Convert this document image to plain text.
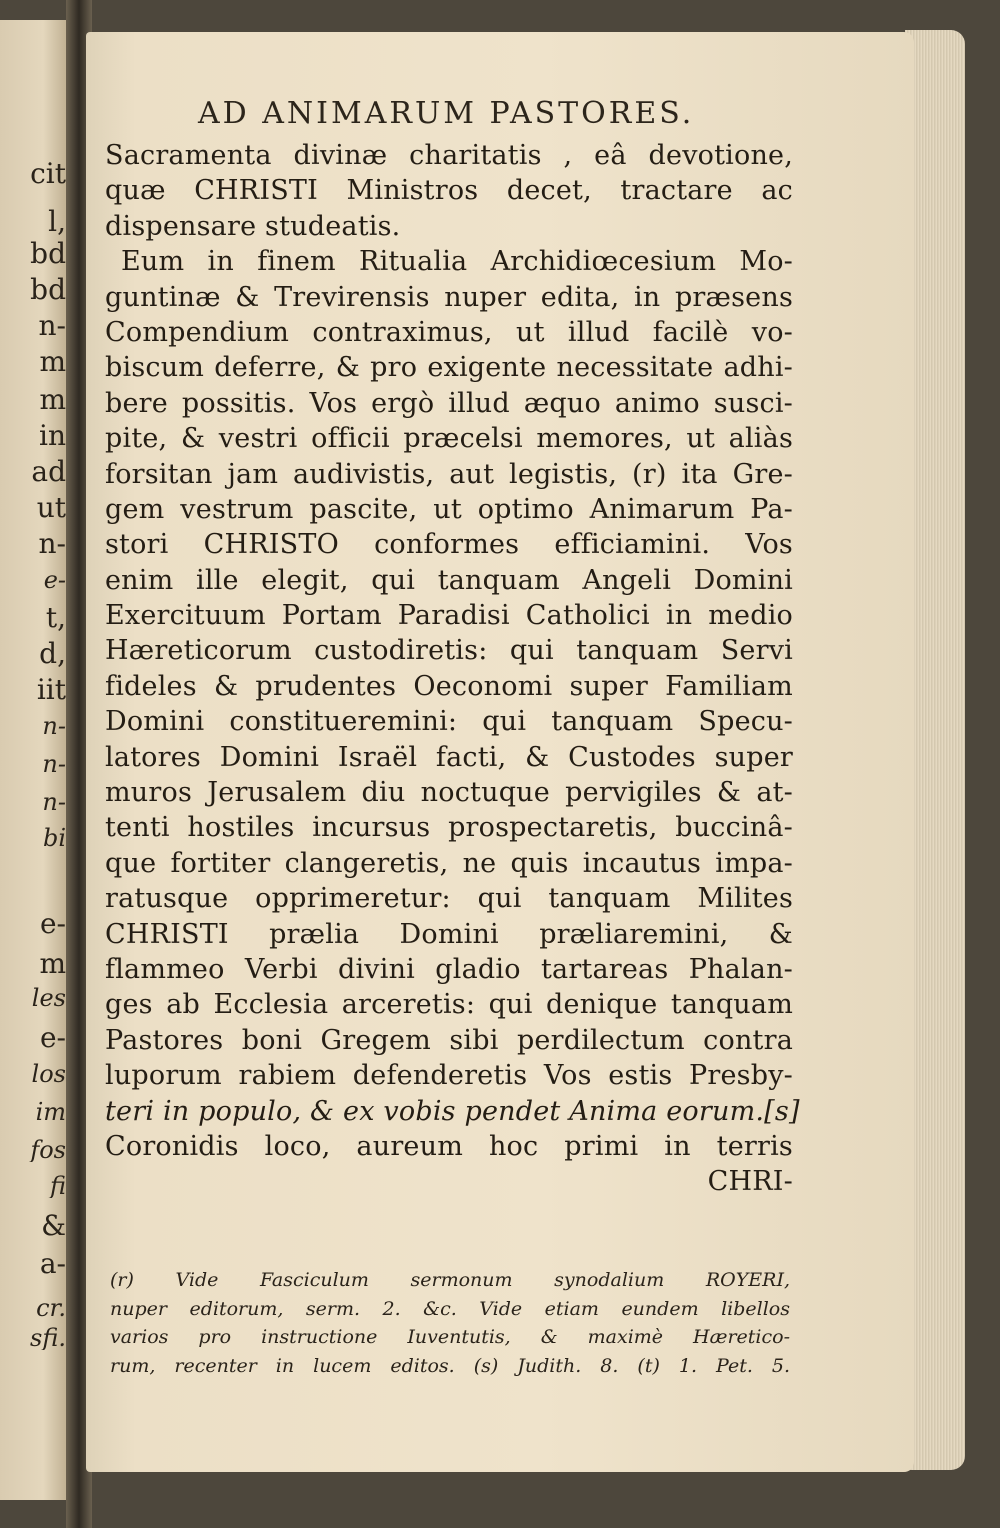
cit
l,
bd
bd
n-
m
m
in
ad
ut
n-
e-
t,
d,
iit
n-
n-
n-
bi
e-
m
les
e-
los
im
fos
fi
&
a-
cr.
sfi.
AD ANIMARUM PASTORES.
Sacramenta divinæ charitatis , eâ devotione,
quæ CHRISTI Ministros decet, tractare ac
dispensare studeatis.
Eum in finem Ritualia Archidiœcesium Mo-
guntinæ & Trevirensis nuper edita, in præsens
Compendium contraximus, ut illud facilè vo-
biscum deferre, & pro exigente necessitate adhi-
bere possitis. Vos ergò illud æquo animo susci-
pite, & vestri officii præcelsi memores, ut aliàs
forsitan jam audivistis, aut legistis, (r) ita Gre-
gem vestrum pascite, ut optimo Animarum Pa-
stori CHRISTO conformes efficiamini. Vos
enim ille elegit, qui tanquam Angeli Domini
Exercituum Portam Paradisi Catholici in medio
Hæreticorum custodiretis: qui tanquam Servi
fideles & prudentes Oeconomi super Familiam
Domini constitueremini: qui tanquam Specu-
latores Domini Israël facti, & Custodes super
muros Jerusalem diu noctuque pervigiles & at-
tenti hostiles incursus prospectaretis, buccinâ-
que fortiter clangeretis, ne quis incautus impa-
ratusque opprimeretur: qui tanquam Milites
CHRISTI prælia Domini præliaremini, &
flammeo Verbi divini gladio tartareas Phalan-
ges ab Ecclesia arceretis: qui denique tanquam
Pastores boni Gregem sibi perdilectum contra
luporum rabiem defenderetis Vos estis Presby-
teri in populo, & ex vobis pendet Anima eorum.[s]
Coronidis loco, aureum hoc primi in terris
CHRI-
(r) Vide Fasciculum sermonum synodalium ROYERI,
nuper editorum, serm. 2. &c. Vide etiam eundem libellos
varios pro instructione Iuventutis, & maximè Hæretico-
rum, recenter in lucem editos. (s) Judith. 8. (t) 1. Pet. 5.
